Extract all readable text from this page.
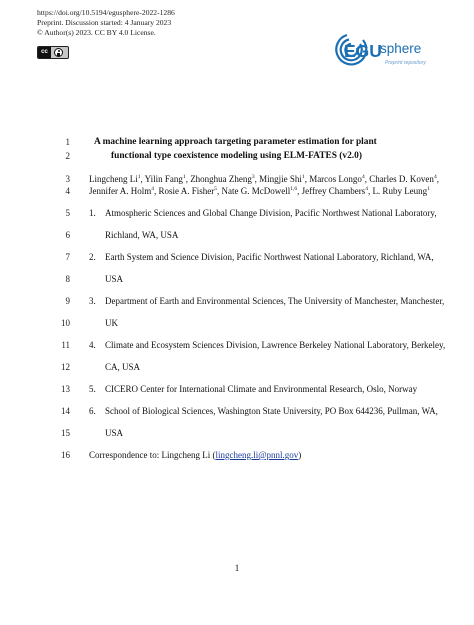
https://doi.org/10.5194/egusphere-2022-1286
Preprint. Discussion started: 4 January 2023
© Author(s) 2023. CC BY 4.0 License.
cc	EGU
sphere
Preprint repository
1
2
3
4
5
6
7
8
9
10
11
12
13
14
15
16
A machine learning approach targeting parameter estimation for plant
functional type coexistence modeling using ELM-FATES (v2.0)
Lingcheng Li$^1$, Yilin Fang$^1$, Zhonghua Zheng$^3$, Mingjie Shi$^1$, Marcos Longo$^4$, Charles D. Koven$^4$,
Jennifer A. Holm$^4$, Rosie A. Fisher$^5$, Nate G. McDowell$^{1,6}$, Jeffrey Chambers$^4$, L. Ruby Leung$^1$
1. Atmospheric Sciences and Global Change Division, Pacific Northwest National Laboratory,
Richland, WA, USA
2. Earth System and Science Division, Pacific Northwest National Laboratory, Richland, WA,
USA
3. Department of Earth and Environmental Sciences, The University of Manchester, Manchester,
UK
4. Climate and Ecosystem Sciences Division, Lawrence Berkeley National Laboratory, Berkeley,
CA, USA
5. CICERO Center for International Climate and Environmental Research, Oslo, Norway
6. School of Biological Sciences, Washington State University, PO Box 644236, Pullman, WA,
USA
Correspondence to: Lingcheng Li (lingcheng.li@pnnl.gov)
1
